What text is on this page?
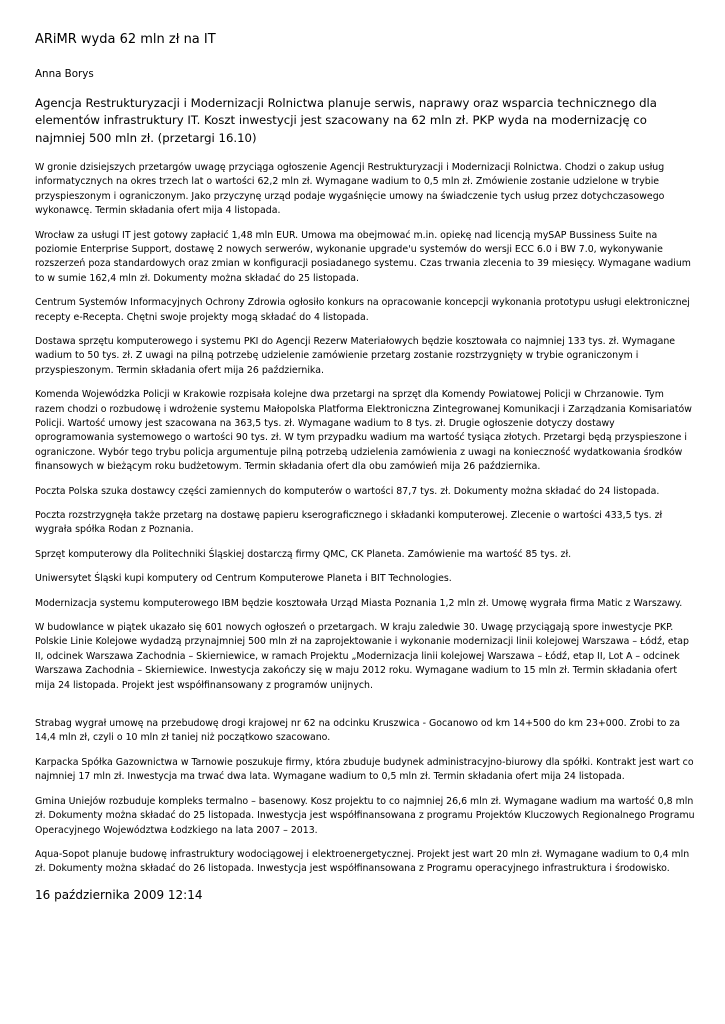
ARiMR wyda 62 mln zł na IT
Anna Borys
Agencja Restrukturyzacji i Modernizacji Rolnictwa planuje serwis, naprawy oraz wsparcia technicznego dla elementów infrastruktury IT. Koszt inwestycji jest szacowany na 62 mln zł. PKP wyda na modernizację co najmniej 500 mln zł. (przetargi 16.10)
W gronie dzisiejszych przetargów uwagę przyciąga ogłoszenie Agencji Restrukturyzacji i Modernizacji Rolnictwa. Chodzi o zakup usług informatycznych na okres trzech lat o wartości 62,2 mln zł. Wymagane wadium to 0,5 mln zł. Zmówienie zostanie udzielone w trybie przyspieszonym i ograniczonym. Jako przyczynę urząd podaje wygaśnięcie umowy na świadczenie tych usług przez dotychczasowego wykonawcę. Termin składania ofert mija 4 listopada.
Wrocław za usługi IT jest gotowy zapłacić 1,48 mln EUR. Umowa ma obejmować m.in. opiekę nad licencją mySAP Bussiness Suite na poziomie Enterprise Support, dostawę 2 nowych serwerów, wykonanie upgrade'u systemów do wersji ECC 6.0 i BW 7.0, wykonywanie rozszerzeń poza standardowych oraz zmian w konfiguracji posiadanego systemu. Czas trwania zlecenia to 39 miesięcy. Wymagane wadium to w sumie 162,4 mln zł. Dokumenty można składać do 25 listopada.
Centrum Systemów Informacyjnych Ochrony Zdrowia ogłosiło konkurs na opracowanie koncepcji wykonania prototypu usługi elektronicznej recepty e-Recepta. Chętni swoje projekty mogą składać do 4 listopada.
Dostawa sprzętu komputerowego i systemu PKI do Agencji Rezerw Materiałowych będzie kosztowała co najmniej 133 tys. zł. Wymagane wadium to 50 tys. zł. Z uwagi na pilną potrzebę udzielenie zamówienie przetarg zostanie rozstrzygnięty w trybie ograniczonym i przyspieszonym. Termin składania ofert mija 26 października.
Komenda Wojewódzka Policji w Krakowie rozpisała kolejne dwa przetargi na sprzęt dla Komendy Powiatowej Policji w Chrzanowie. Tym razem chodzi o rozbudowę i wdrożenie systemu Małopolska Platforma Elektroniczna Zintegrowanej Komunikacji i Zarządzania Komisariatów Policji. Wartość umowy jest szacowana na 363,5 tys. zł. Wymagane wadium to 8 tys. zł. Drugie ogłoszenie dotyczy dostawy oprogramowania systemowego o wartości 90 tys. zł. W tym przypadku wadium ma wartość tysiąca złotych. Przetargi będą przyspieszone i ograniczone. Wybór tego trybu policja argumentuje pilną potrzebą udzielenia zamówienia z uwagi na konieczność wydatkowania środków finansowych w bieżącym roku budżetowym. Termin składania ofert dla obu zamówień mija 26 października.
Poczta Polska szuka dostawcy części zamiennych do komputerów o wartości 87,7 tys. zł. Dokumenty można składać do 24 listopada.
Poczta rozstrzygnęła także przetarg na dostawę papieru kserograficznego i składanki komputerowej. Zlecenie o wartości 433,5 tys. zł wygrała spółka Rodan z Poznania.
Sprzęt komputerowy dla Politechniki Śląskiej dostarczą firmy QMC, CK Planeta. Zamówienie ma wartość 85 tys. zł.
Uniwersytet Śląski kupi komputery od Centrum Komputerowe Planeta i BIT Technologies.
Modernizacja systemu komputerowego IBM będzie kosztowała Urząd Miasta Poznania 1,2 mln zł. Umowę wygrała firma Matic z Warszawy.
W budowlance w piątek ukazało się 601 nowych ogłoszeń o przetargach. W kraju zaledwie 30. Uwagę przyciągają spore inwestycje PKP. Polskie Linie Kolejowe wydadzą przynajmniej 500 mln zł na zaprojektowanie i wykonanie modernizacji linii kolejowej Warszawa – Łódź, etap II, odcinek Warszawa Zachodnia – Skierniewice, w ramach Projektu „Modernizacja linii kolejowej Warszawa – Łódź, etap II, Lot A – odcinek Warszawa Zachodnia – Skierniewice. Inwestycja zakończy się w maju 2012 roku. Wymagane wadium to 15 mln zł. Termin składania ofert mija 24 listopada. Projekt jest współfinansowany z programów unijnych.
Strabag wygrał umowę na przebudowę drogi krajowej nr 62 na odcinku Kruszwica - Gocanowo od km 14+500 do km 23+000. Zrobi to za 14,4 mln zł, czyli o 10 mln zł taniej niż początkowo szacowano.
Karpacka Spółka Gazownictwa w Tarnowie poszukuje firmy, która zbuduje budynek administracyjno-biurowy dla spółki. Kontrakt jest wart co najmniej 17 mln zł. Inwestycja ma trwać dwa lata. Wymagane wadium to 0,5 mln zł. Termin składania ofert mija 24 listopada.
Gmina Uniejów rozbuduje kompleks termalno – basenowy. Kosz projektu to co najmniej 26,6 mln zł. Wymagane wadium ma wartość 0,8 mln zł. Dokumenty można składać do 25 listopada. Inwestycja jest współfinansowana z programu Projektów Kluczowych Regionalnego Programu Operacyjnego Województwa Łodzkiego na lata 2007 – 2013.
Aqua-Sopot planuje budowę infrastruktury wodociągowej i elektroenergetycznej. Projekt jest wart 20 mln zł. Wymagane wadium to 0,4 mln zł. Dokumenty można składać do 26 listopada. Inwestycja jest współfinansowana z Programu operacyjnego infrastruktura i środowisko.
16 października 2009 12:14
